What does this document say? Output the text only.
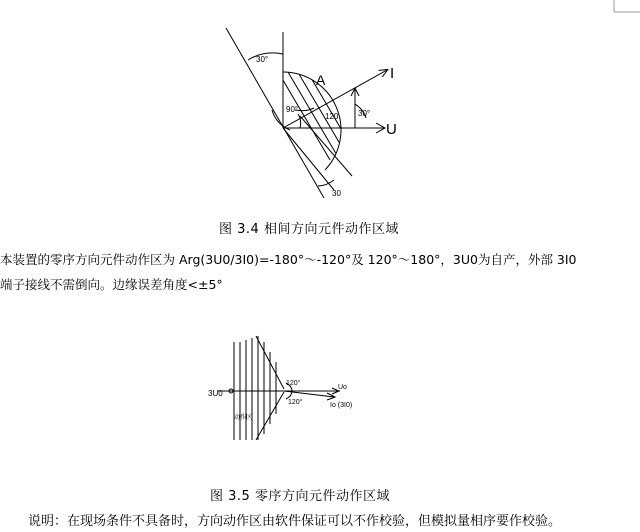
30°
A	I
90°
120 30°
U
30
图 3.4 相间方向元件动作区域
本装置的零序方向元件动作区为 Arg(3U0/3I0)=-180°～-120°及 120°～180°，3U0为自产，外部 3I0
端子接线不需倒向。边缘误差角度<±5°
3U0
动作区
120°
120°
Uo
Io (3I0)
图 3.5 零序方向元件动作区域
说明：在现场条件不具备时，方向动作区由软件保证可以不作校验，但模拟量相序要作校验。
